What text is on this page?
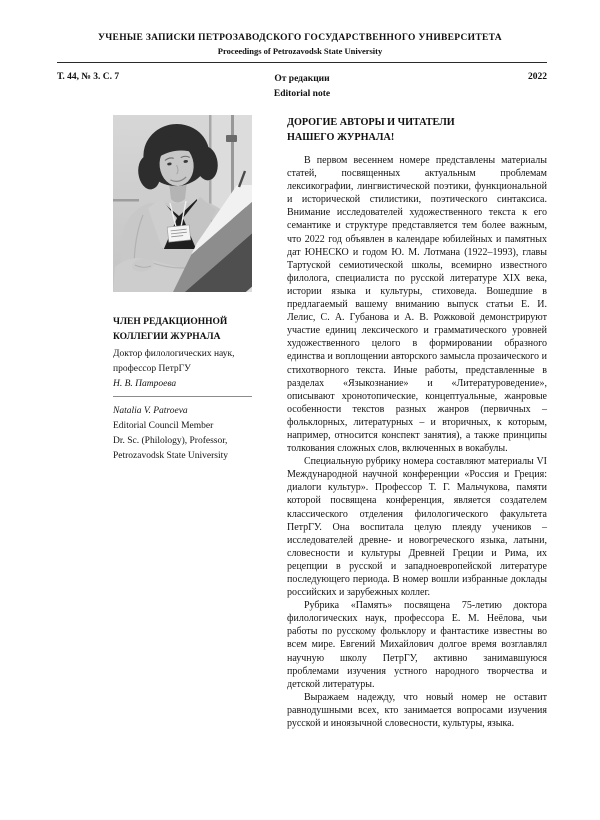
УЧЕНЫЕ ЗАПИСКИ ПЕТРОЗАВОДСКОГО ГОСУДАРСТВЕННОГО УНИВЕРСИТЕТА
Proceedings of Petrozavodsk State University
Т. 44, № 3. С. 7	От редакции
Editorial note
2022
ЧЛЕН РЕДАКЦИОННОЙ КОЛЛЕГИИ ЖУРНАЛА
Доктор филологических наук,
профессор ПетрГУ
Н. В. Патроева
Natalia V. Patroeva
Editorial Council Member
Dr. Sc. (Philology), Professor,
Petrozavodsk State University
ДОРОГИЕ АВТОРЫ И ЧИТАТЕЛИ
НАШЕГО ЖУРНАЛА!

В первом весеннем номере представлены материалы статей, посвященных актуальным проблемам лексикографии, лингвистической поэтики, функциональной и исторической стилистики, поэтического синтаксиса. Внимание исследователей художественного текста к его семантике и структуре представляется тем более важным, что 2022 год объявлен в календаре юбилейных и памятных дат ЮНЕСКО и годом Ю. М. Лотмана (1922–1993), главы Тартуской семиотической школы, всемирно известного филолога, специалиста по русской литературе XIX века, истории языка и культуры, стиховеда. Вошедшие в предлагаемый вашему вниманию выпуск статьи Е. И. Лелис, С. А. Губанова и А. В. Рожковой демонстрируют участие единиц лексического и грамматического уровней художественного целого в формировании образного единства и воплощении авторского замысла прозаического и стихотворного текста. Иные работы, представленные в разделах «Языкознание» и «Литературоведение», описывают хронотопические, концептуальные, жанровые особенности текстов разных жанров (первичных – фольклорных, литературных – и вторичных, к которым, например, относится конспект занятия), а также принципы толкования сложных слов, включенных в вокабулы.

Специальную рубрику номера составляют материалы VI Международной научной конференции «Россия и Греция: диалоги культур». Профессор Т. Г. Мальчукова, памяти которой посвящена конференция, является создателем классического отделения филологического факультета ПетрГУ. Она воспитала целую плеяду учеников – исследователей древне- и новогреческого языка, латыни, словесности и культуры Древней Греции и Рима, их рецепции в русской и западноевропейской литературе последующего периода. В номер вошли избранные доклады российских и зарубежных коллег.

Рубрика «Память» посвящена 75-летию доктора филологических наук, профессора Е. М. Неёлова, чьи работы по русскому фольклору и фантастике известны во всем мире. Евгений Михайлович долгое время возглавлял научную школу ПетрГУ, активно занимавшуюся проблемами изучения устного народного творчества и детской литературы.

Выражаем надежду, что новый номер не оставит равнодушными всех, кто занимается вопросами изучения русской и иноязычной словесности, культуры, языка.
